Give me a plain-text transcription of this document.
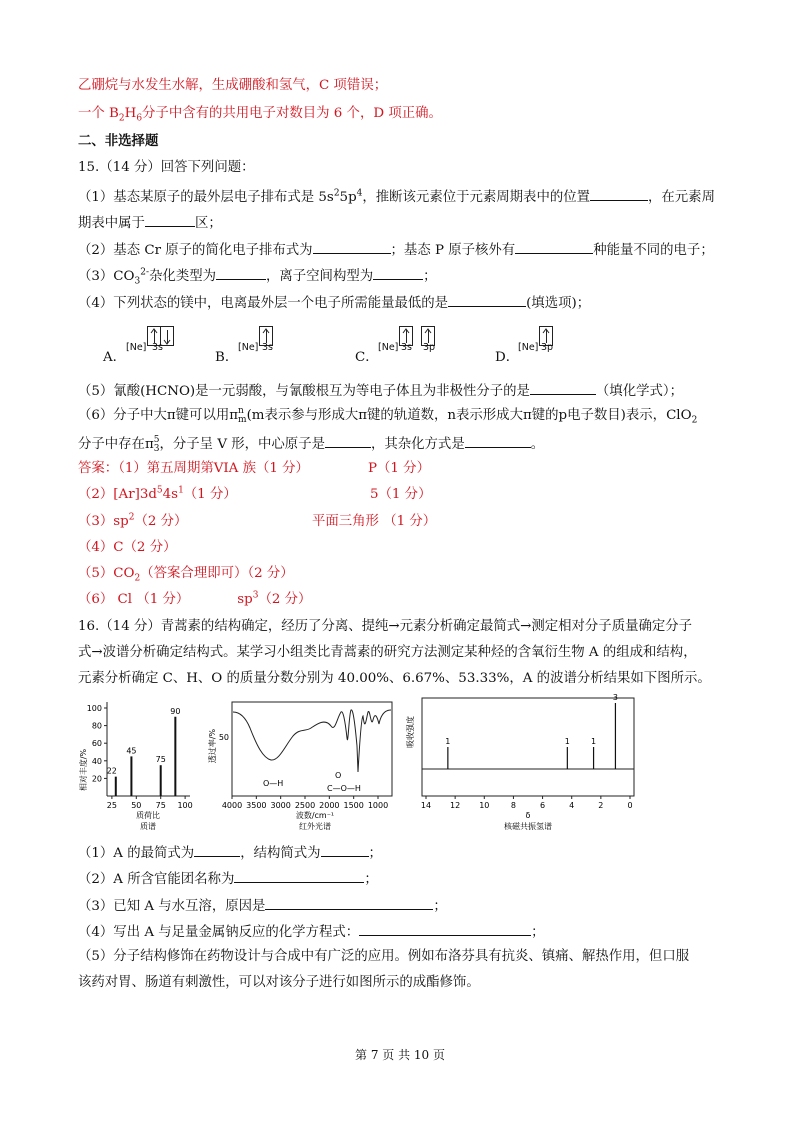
乙硼烷与水发生水解，生成硼酸和氢气，C 项错误；
一个 $B_2H_6$分子中含有的共用电子对数目为 6 个，D 项正确。
二、非选择题
15.（14 分）回答下列问题：
（1）基态某原子的最外层电子排布式是 $5s^25p^4$，推断该元素位于元素周期表中的位置	，在元素周
期表中属于	区；
（2）基态 Cr 原子的简化电子排布式为	；基态 P 原子核外有	种能量不同的电子；
$(3)CO_3^{2-}$杂化类型为	，离子空间构型为	；
（4）下列状态的镁中，电离最外层一个电子所需能量最低的是	(填选项)；
A．
[Ne] 3s
B．
[Ne] 3s
C．
[Ne] 3s 3p
D．
[Ne] 3p
（5）氰酸(HCNO)是一元弱酸，与氰酸根互为等电子体且为非极性分子的是	（填化学式）；
（6）分子中大π键可以用π n
m (m表示参与形成大π键的轨道数，n表示形成大π键的p电子数目)表示，ClO$_2$
分子中存在π 5
3 ，分子呈 V 形，中心原子是	，其杂化方式是	。
答案：（1）第五周期第VIA 族（1 分）	P（1 分）
$(2)[Ar]3d^54s^1(1$ 分）	5（1 分）
$(3)sp^2(2$ 分）	平面三角形 （1 分）
（4）C（2 分）
$(5)CO_2$（答案合理即可）（2 分）
（6） Cl （1 分）	$sp^3(2$ 分）
16.（14 分）青蒿素的结构确定，经历了分离、提纯→元素分析确定最简式→测定相对分子质量确定分子
式→波谱分析确定结构式。某学习小组类比青蒿素的研究方法测定某种烃的含氧衍生物 A 的组成和结构，
元素分析确定 C、H、O 的质量分数分别为 40.00%、6.67%、53.33%，A 的波谱分析结果如下图所示。
相对丰度/% 20
40
60
80
100
25 50 75 100
45
75
90
22
质荷比
质谱
透过率/% 50
O—H
O
C—O—H
4000 3500 3000 2500 2000 1500 1000
波数/cm⁻¹
红外光谱
吸收强度	1	1	1
3
14 12 10	8	6	4	2	0
δ
核磁共振氢谱
（1）A 的最简式为	，结构简式为	；
（2）A 所含官能团名称为	；
（3）已知 A 与水互溶，原因是	；
（4）写出 A 与足量金属钠反应的化学方程式：	；
（5）分子结构修饰在药物设计与合成中有广泛的应用。例如布洛芬具有抗炎、镇痛、解热作用，但口服
该药对胃、肠道有刺激性，可以对该分子进行如图所示的成酯修饰。
第 7 页 共 10 页
